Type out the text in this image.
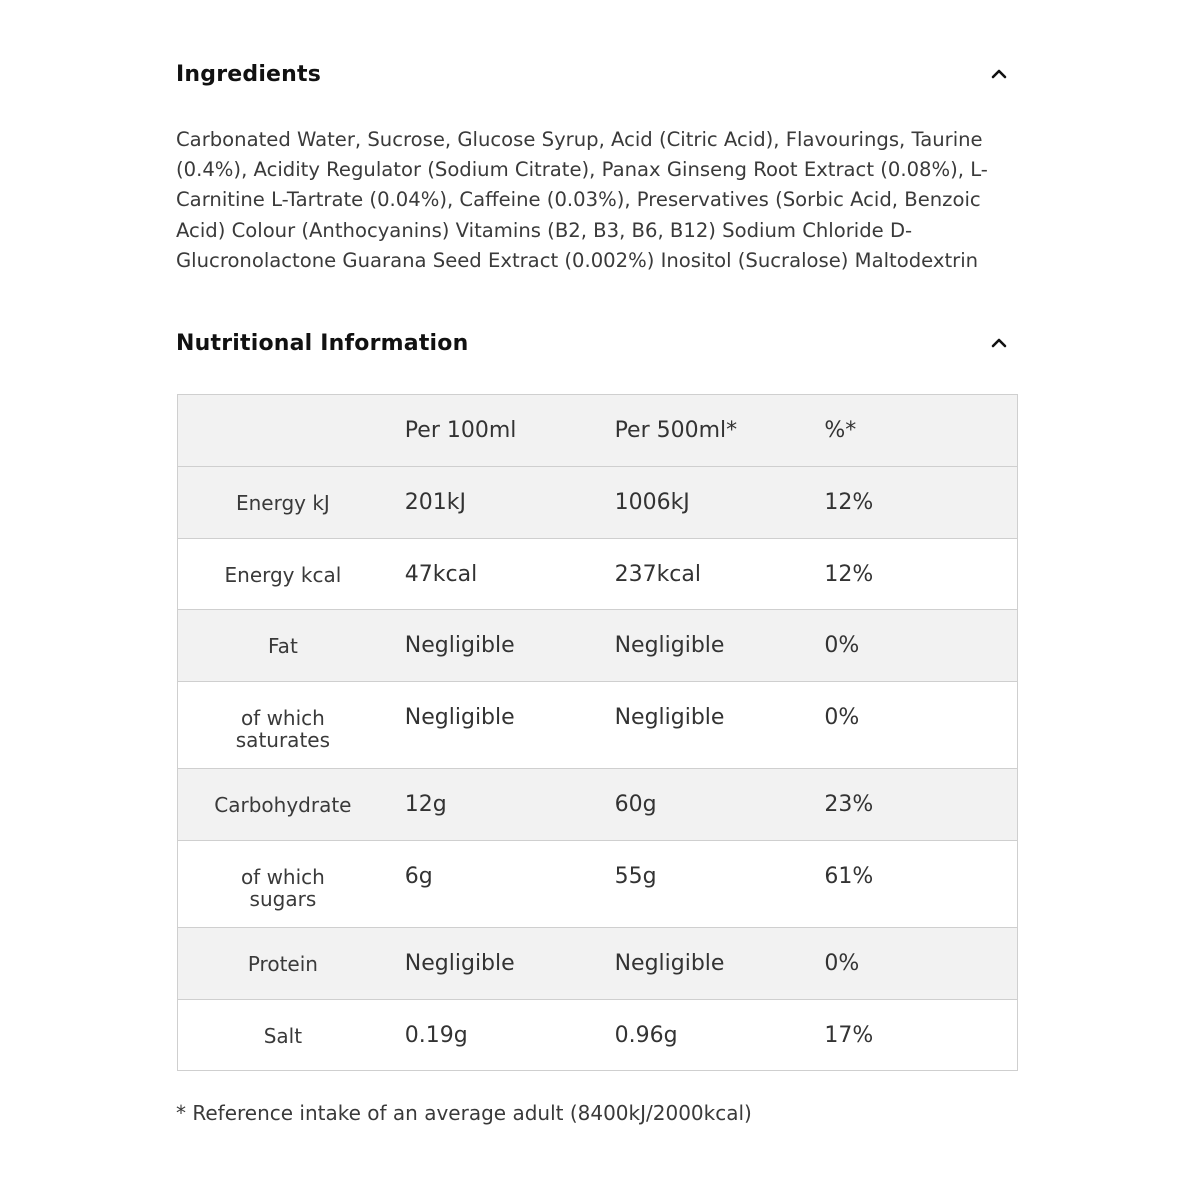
Ingredients
Carbonated Water, Sucrose, Glucose Syrup, Acid (Citric Acid), Flavourings, Taurine (0.4%), Acidity Regulator (Sodium Citrate), Panax Ginseng Root Extract (0.08%), L-Carnitine L-Tartrate (0.04%), Caffeine (0.03%), Preservatives (Sorbic Acid, Benzoic Acid) Colour (Anthocyanins) Vitamins (B2, B3, B6, B12) Sodium Chloride D-Glucronolactone Guarana Seed Extract (0.002%) Inositol (Sucralose) Maltodextrin
Nutritional Information

	Per 100ml	Per 500ml*	%*

Energy kJ	201kJ	1006kJ	12%

Energy kcal	47kcal	237kcal	12%

Fat	Negligible	Negligible	0%

of which
saturates	Negligible	Negligible	0%

Carbohydrate	12g	60g	23%

of which
sugars	6g	55g	61%

Protein	Negligible	Negligible	0%

Salt	0.19g	0.96g	17%
* Reference intake of an average adult (8400kJ/2000kcal)
